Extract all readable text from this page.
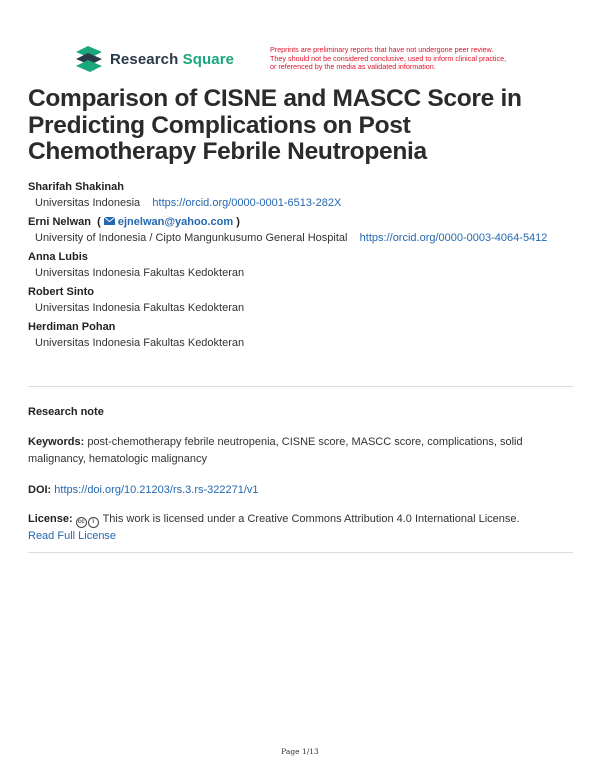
Research Square
Preprints are preliminary reports that have not undergone peer review.
They should not be considered conclusive, used to inform clinical practice,
or referenced by the media as validated information.
Comparison of CISNE and MASCC Score in Predicting Complications on Post Chemotherapy Febrile Neutropenia
Sharifah Shakinah
Universitas Indonesia https://orcid.org/0000-0001-6513-282X
Erni Nelwan  (  ejnelwan@yahoo.com )
University of Indonesia / Cipto Mangunkusumo General Hospital https://orcid.org/0000-0003-4064-5412
Anna Lubis
Universitas Indonesia Fakultas Kedokteran
Robert Sinto
Universitas Indonesia Fakultas Kedokteran
Herdiman Pohan
Universitas Indonesia Fakultas Kedokteran
Research note
Keywords: post-chemotherapy febrile neutropenia, CISNE score, MASCC score, complications, solid malignancy, hematologic malignancy
DOI: https://doi.org/10.21203/rs.3.rs-322271/v1
License: cc i This work is licensed under a Creative Commons Attribution 4.0 International License.
Read Full License
Page 1/13
